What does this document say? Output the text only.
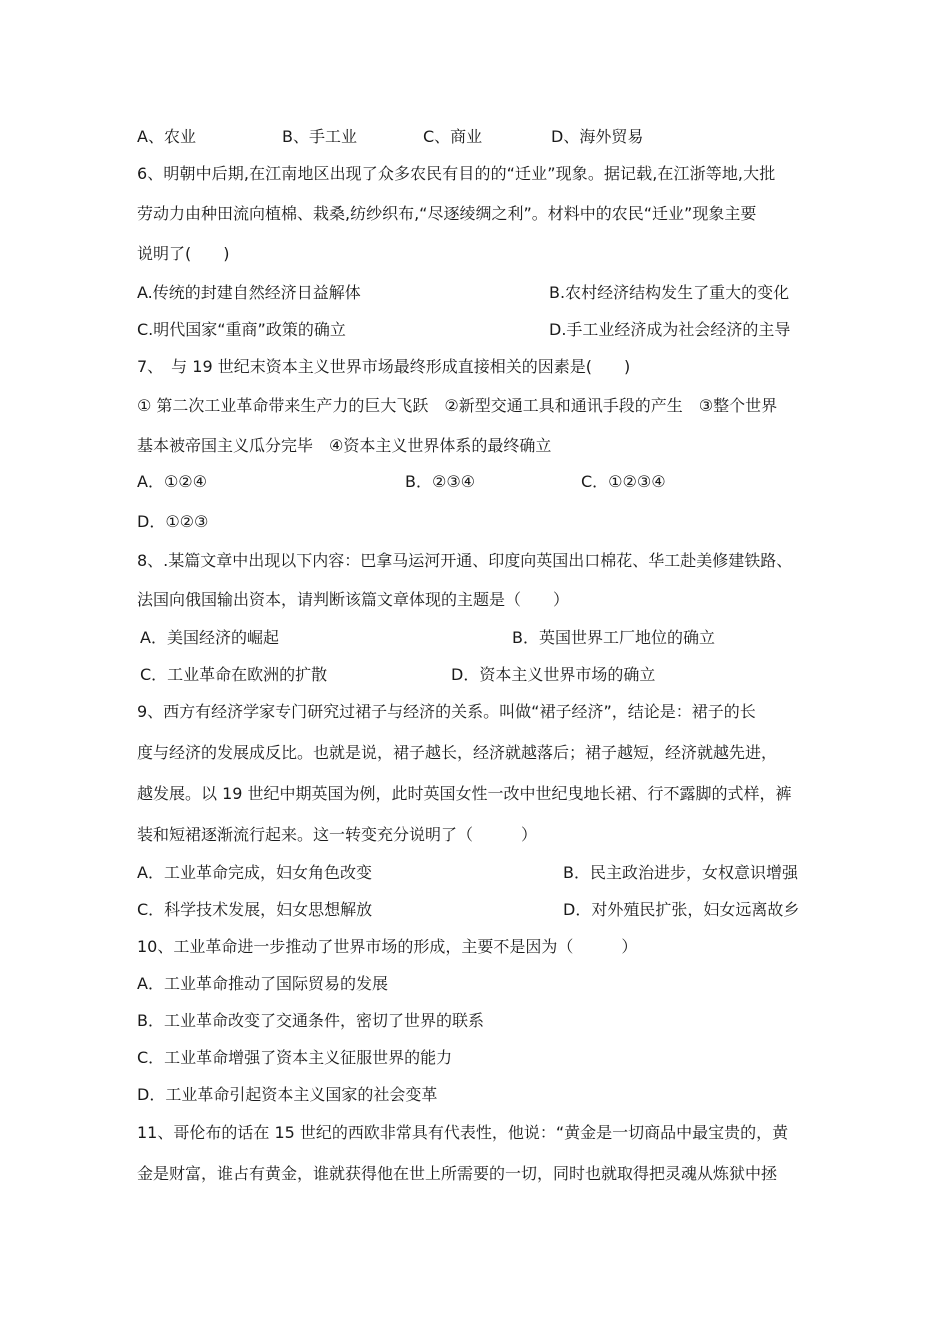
A、农业	B、手工业	C、商业	D、海外贸易
6、明朝中后期,在江南地区出现了众多农民有目的的“迁业”现象。据记载,在江浙等地,大批
劳动力由种田流向植棉、栽桑,纺纱织布,“尽逐绫绸之利”。材料中的农民“迁业”现象主要
说明了(　　)
A.传统的封建自然经济日益解体	B.农村经济结构发生了重大的变化
C.明代国家“重商”政策的确立	D.手工业经济成为社会经济的主导
7、　与 19 世纪末资本主义世界市场最终形成直接相关的因素是(　　)
① 第二次工业革命带来生产力的巨大飞跃　②新型交通工具和通讯手段的产生　③整个世界
基本被帝国主义瓜分完毕　④资本主义世界体系的最终确立
A．①②④	B．②③④	C．①②③④
D．①②③
8、.某篇文章中出现以下内容：巴拿马运河开通、印度向英国出口棉花、华工赴美修建铁路、
法国向俄国输出资本，请判断该篇文章体现的主题是（　　）
A．美国经济的崛起	B．英国世界工厂地位的确立
C．工业革命在欧洲的扩散	D．资本主义世界市场的确立
9、西方有经济学家专门研究过裙子与经济的关系。叫做“裙子经济”，结论是：裙子的长
度与经济的发展成反比。也就是说，裙子越长，经济就越落后；裙子越短，经济就越先进，
越发展。以 19 世纪中期英国为例，此时英国女性一改中世纪曳地长裙、行不露脚的式样，裤
装和短裙逐渐流行起来。这一转变充分说明了（　　　）
A．工业革命完成，妇女角色改变	B．民主政治进步，女权意识增强
C．科学技术发展，妇女思想解放	D．对外殖民扩张，妇女远离故乡
10、工业革命进一步推动了世界市场的形成，主要不是因为（　　　）
A．工业革命推动了国际贸易的发展
B．工业革命改变了交通条件，密切了世界的联系
C．工业革命增强了资本主义征服世界的能力
D．工业革命引起资本主义国家的社会变革
11、哥伦布的话在 15 世纪的西欧非常具有代表性，他说：“黄金是一切商品中最宝贵的，黄
金是财富，谁占有黄金，谁就获得他在世上所需要的一切，同时也就取得把灵魂从炼狱中拯
